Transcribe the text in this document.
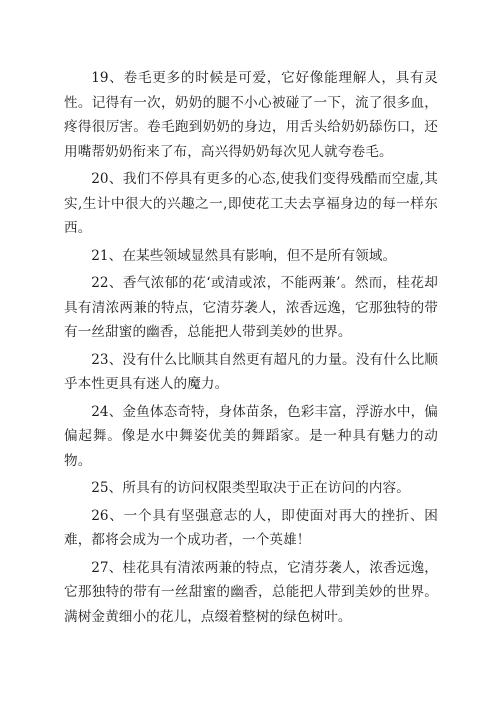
19、卷毛更多的时候是可爱，它好像能理解人，具有灵性。记得有一次，奶奶的腿不小心被碰了一下，流了很多血，疼得很厉害。卷毛跑到奶奶的身边，用舌头给奶奶舔伤口，还用嘴帮奶奶衔来了布，高兴得奶奶每次见人就夸卷毛。

20、我们不停具有更多的心态,使我们变得残酷而空虚,其实,生计中很大的兴趣之一,即使花工夫去享福身边的每一样东西。

21、在某些领域显然具有影响，但不是所有领域。

22、香气浓郁的花‘或清或浓，不能两兼’。然而，桂花却具有清浓两兼的特点，它清芬袭人，浓香远逸，它那独特的带有一丝甜蜜的幽香，总能把人带到美妙的世界。

23、没有什么比顺其自然更有超凡的力量。没有什么比顺乎本性更具有迷人的魔力。

24、金鱼体态奇特，身体苗条，色彩丰富，浮游水中，偏偏起舞。像是水中舞姿优美的舞蹈家。是一种具有魅力的动物。

25、所具有的访问权限类型取决于正在访问的内容。

26、一个具有坚强意志的人，即使面对再大的挫折、困难，都将会成为一个成功者，一个英雄！

27、桂花具有清浓两兼的特点，它清芬袭人，浓香远逸，它那独特的带有一丝甜蜜的幽香，总能把人带到美妙的世界。满树金黄细小的花儿，点缀着整树的绿色树叶。
